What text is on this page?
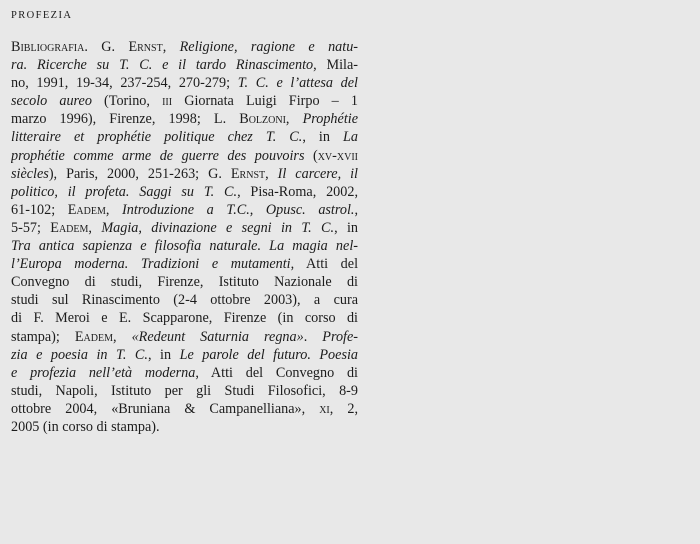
PROFEZIA
Bibliografia. G. Ernst, Religione, ragione e natu-
ra. Ricerche su T. C. e il tardo Rinascimento, Mila-
no, 1991, 19-34, 237-254, 270-279; T. C. e l’attesa del
secolo aureo (Torino, iii Giornata Luigi Firpo – 1
marzo 1996), Firenze, 1998; L. Bolzoni, Prophétie
litteraire et prophétie politique chez T. C., in La
prophétie comme arme de guerre des pouvoirs (xv-xvii
siècles), Paris, 2000, 251-263; G. Ernst, Il carcere, il
politico, il profeta. Saggi su T. C., Pisa-Roma, 2002,
61-102; Eadem, Introduzione a T.C., Opusc. astrol.,
5-57; Eadem, Magia, divinazione e segni in T. C., in
Tra antica sapienza e filosofia naturale. La magia nel-
l’Europa moderna. Tradizioni e mutamenti, Atti del
Convegno di studi, Firenze, Istituto Nazionale di
studi sul Rinascimento (2-4 ottobre 2003), a cura
di F. Meroi e E. Scapparone, Firenze (in corso di
stampa); Eadem, «Redeunt Saturnia regna». Profe-
zia e poesia in T. C., in Le parole del futuro. Poesia
e profezia nell’età moderna, Atti del Convegno di
studi, Napoli, Istituto per gli Studi Filosofici, 8-9
ottobre 2004, «Bruniana & Campanelliana», xi, 2,
2005 (in corso di stampa).
